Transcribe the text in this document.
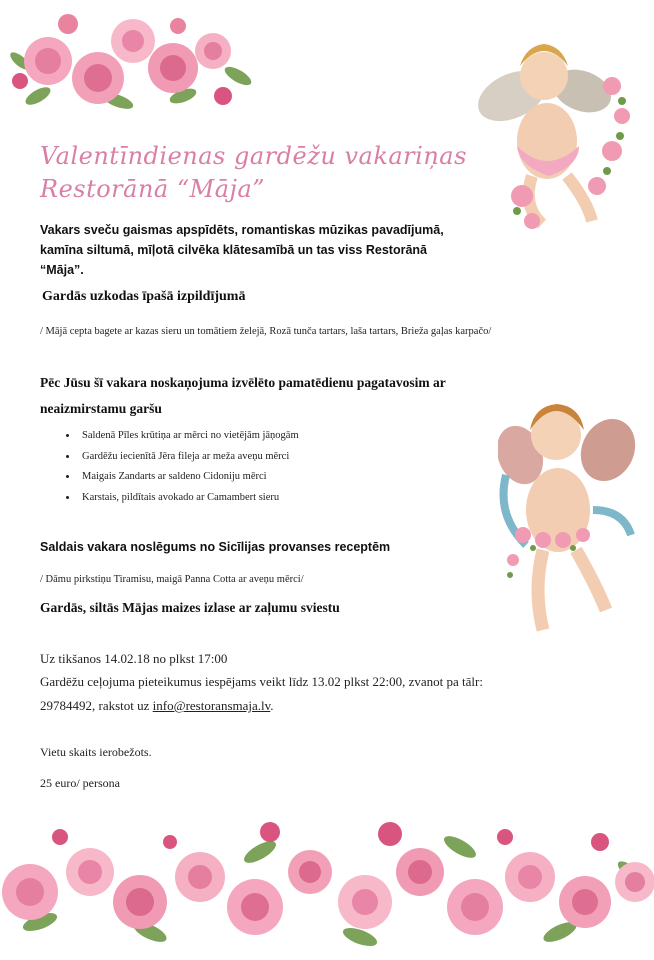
Valentīndienas gardēžu vakariņas
Restorānā “Māja”
Vakars sveču gaismas apspīdēts, romantiskas mūzikas pavadījumā, kamīna siltumā, mīļotā cilvēka klātesamībā un tas viss Restorānā “Māja”.
Gardās uzkodas īpašā izpildījumā
/ Mājā cepta bagete ar kazas sieru un tomātiem želejā, Rozā tunča tartars, laša tartars, Brieža gaļas karpačo/
Pēc Jūsu šī vakara noskaņojuma izvēlēto pamatēdienu pagatavosim ar neaizmirstamu garšu
• Saldenā Pīles krūtiņa ar mērci no vietējām jāņogām
• Gardēžu iecienītā Jēra fileja ar meža aveņu mērci
• Maigais Zandarts ar saldeno Cidoniju mērci
• Karstais, pildītais avokado ar Camambert sieru
Saldais vakara noslēgums no Sicīlijas provanses receptēm
/ Dāmu pirkstiņu Tiramisu, maigā Panna Cotta ar aveņu mērci/
Gardās, siltās Mājas maizes izlase ar zaļumu sviestu
Uz tikšanos 14.02.18 no plkst 17:00
Gardēžu ceļojuma pieteikumus iespējams veikt līdz 13.02 plkst 22:00, zvanot pa tālr:
29784492, rakstot uz info@restoransmaja.lv.
Vietu skaits ierobežots.
25 euro/ persona
